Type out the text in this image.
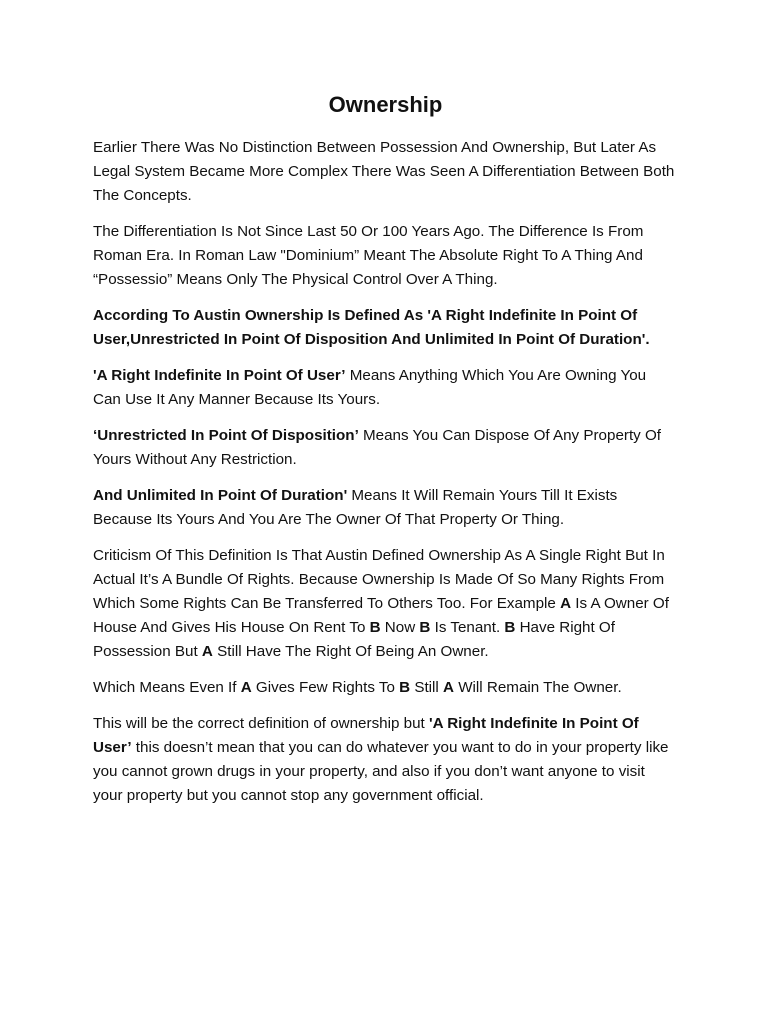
Ownership

Earlier There Was No Distinction Between Possession And Ownership, But Later As Legal System Became More Complex There Was Seen A Differentiation Between Both The Concepts.

The Differentiation Is Not Since Last 50 Or 100 Years Ago. The Difference Is From Roman Era. In Roman Law "Dominium” Meant The Absolute Right To A Thing And “Possessio” Means Only The Physical Control Over A Thing.

According To Austin Ownership Is Defined As 'A Right Indefinite In Point Of User,Unrestricted In Point Of Disposition And Unlimited In Point Of Duration'.

'A Right Indefinite In Point Of User’ Means Anything Which You Are Owning You Can Use It Any Manner Because Its Yours.

‘Unrestricted In Point Of Disposition’ Means You Can Dispose Of Any Property Of Yours Without Any Restriction.

And Unlimited In Point Of Duration' Means It Will Remain Yours Till It Exists Because Its Yours And You Are The Owner Of That Property Or Thing.

Criticism Of This Definition Is That Austin Defined Ownership As A Single Right But In Actual It’s A Bundle Of Rights. Because Ownership Is Made Of So Many Rights From Which Some Rights Can Be Transferred To Others Too. For Example A Is A Owner Of House And Gives His House On Rent To B Now B Is Tenant. B Have Right Of Possession But A Still Have The Right Of Being An Owner.

Which Means Even If A Gives Few Rights To B Still A Will Remain The Owner.

This will be the correct definition of ownership but 'A Right Indefinite In Point Of User’ this doesn’t mean that you can do whatever you want to do in your property like you cannot grown drugs in your property, and also if you don’t want anyone to visit your property but you cannot stop any government official.
